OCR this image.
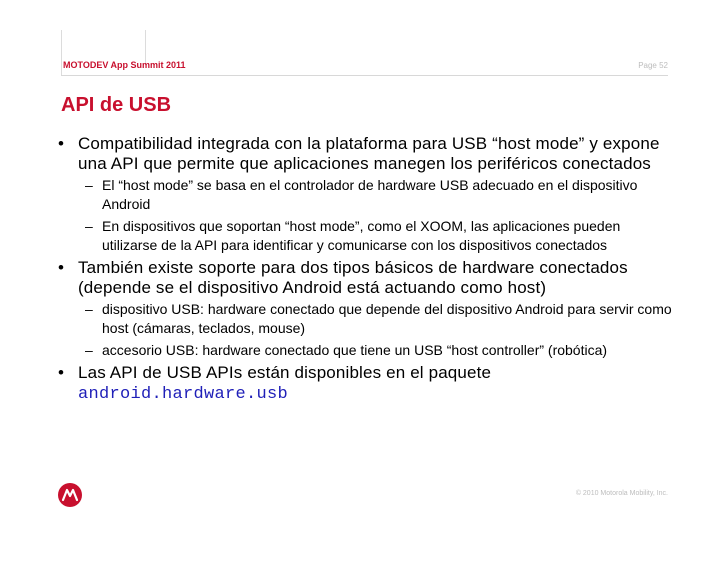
MOTODEV App Summit 2011	Page 52
API de USB
• Compatibilidad integrada con la plataforma para USB “host mode” y expone una API que permite que aplicaciones manegen los periféricos conectados
– El “host mode” se basa en el controlador de hardware USB adecuado en el dispositivo Android
– En dispositivos que soportan “host mode”, como el XOOM, las aplicaciones pueden utilizarse de la API para identificar y comunicarse con los dispositivos conectados
• También existe soporte para dos tipos básicos de hardware conectados (depende se el dispositivo Android está actuando como host)
– dispositivo USB: hardware conectado que depende del dispositivo Android para servir como host (cámaras, teclados, mouse)
– accesorio USB: hardware conectado que tiene un USB “host controller” (robótica)
• Las API de USB APIs están disponibles en el paquete
android.hardware.usb
© 2010 Motorola Mobility, Inc.
